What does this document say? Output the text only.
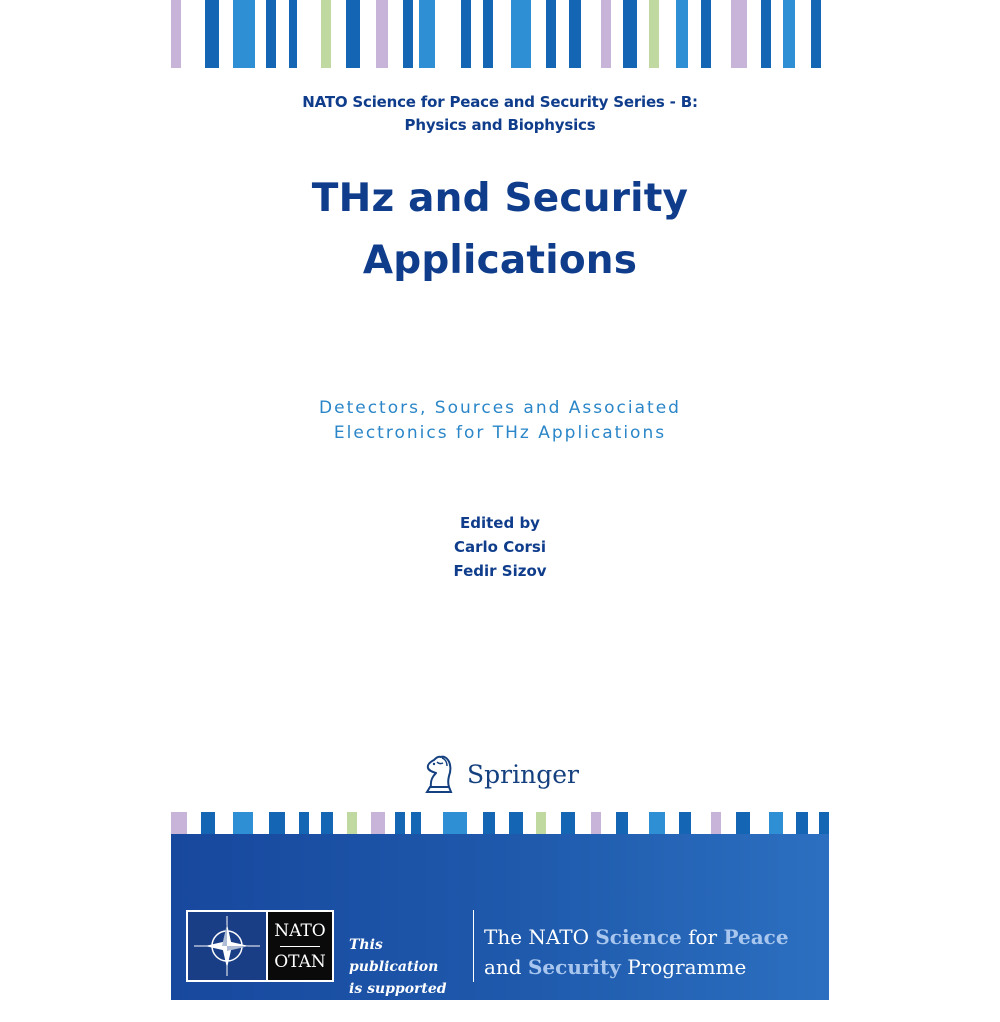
NATO Science for Peace and Security Series - B:
Physics and Biophysics
THz and Security
Applications
Detectors, Sources and Associated
Electronics for THz Applications
Edited by
Carlo Corsi
Fedir Sizov
Springer
NATO
OTAN
This publication
is supported by:
The NATO Science for Peace
and Security Programme
